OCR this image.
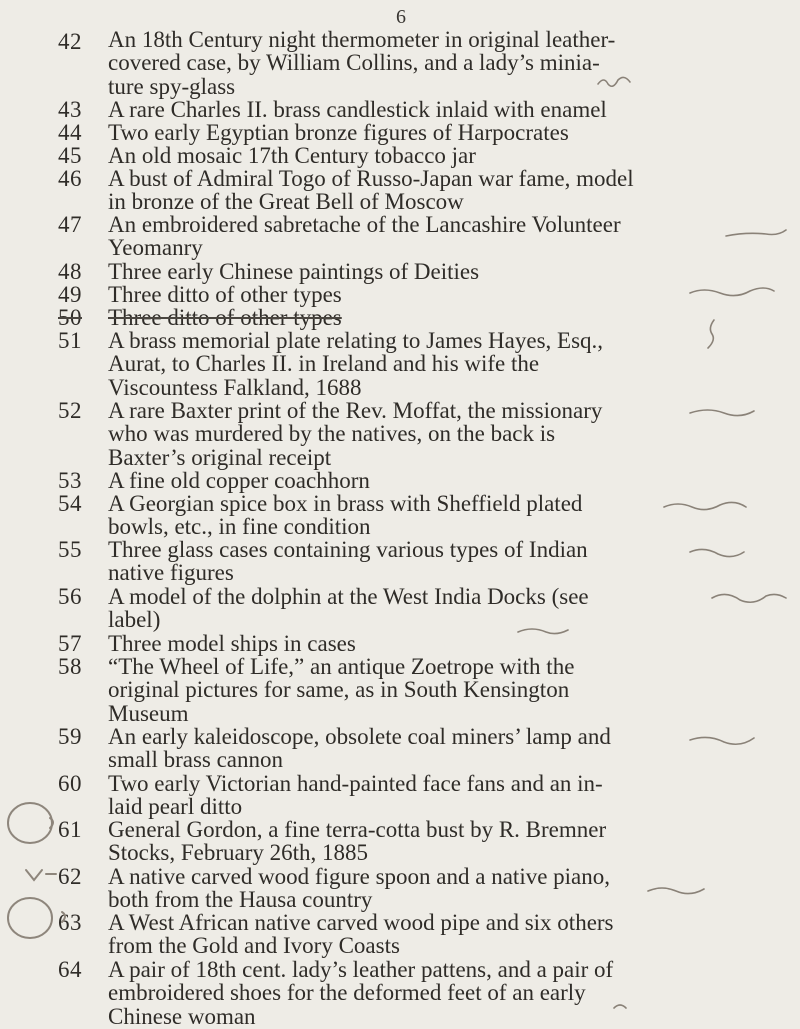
6
42	An 18th Century night thermometer in original leather-

covered case, by William Collins, and a lady’s minia-

ture spy-glass

43	A rare Charles II. brass candlestick inlaid with enamel

44	Two early Egyptian bronze figures of Harpocrates

45	An old mosaic 17th Century tobacco jar

46	A bust of Admiral Togo of Russo-Japan war fame, model

in bronze of the Great Bell of Moscow

47	An embroidered sabretache of the Lancashire Volunteer

Yeomanry

48	Three early Chinese paintings of Deities

49	Three ditto of other types

50	Three ditto of other types

51	A brass memorial plate relating to James Hayes, Esq.,

Aurat, to Charles II. in Ireland and his wife the

Viscountess Falkland, 1688

52	A rare Baxter print of the Rev. Moffat, the missionary

who was murdered by the natives, on the back is

Baxter’s original receipt

53	A fine old copper coachhorn

54	A Georgian spice box in brass with Sheffield plated

bowls, etc., in fine condition

55	Three glass cases containing various types of Indian

native figures

56	A model of the dolphin at the West India Docks (see

label)

57	Three model ships in cases

58	“The Wheel of Life,” an antique Zoetrope with the

original pictures for same, as in South Kensington

Museum

59	An early kaleidoscope, obsolete coal miners’ lamp and

small brass cannon

60	Two early Victorian hand-painted face fans and an in-

laid pearl ditto

61	General Gordon, a fine terra-cotta bust by R. Bremner

Stocks, February 26th, 1885

62	A native carved wood figure spoon and a native piano,

both from the Hausa country

63	A West African native carved wood pipe and six others

from the Gold and Ivory Coasts

64	A pair of 18th cent. lady’s leather pattens, and a pair of

embroidered shoes for the deformed feet of an early

Chinese woman
